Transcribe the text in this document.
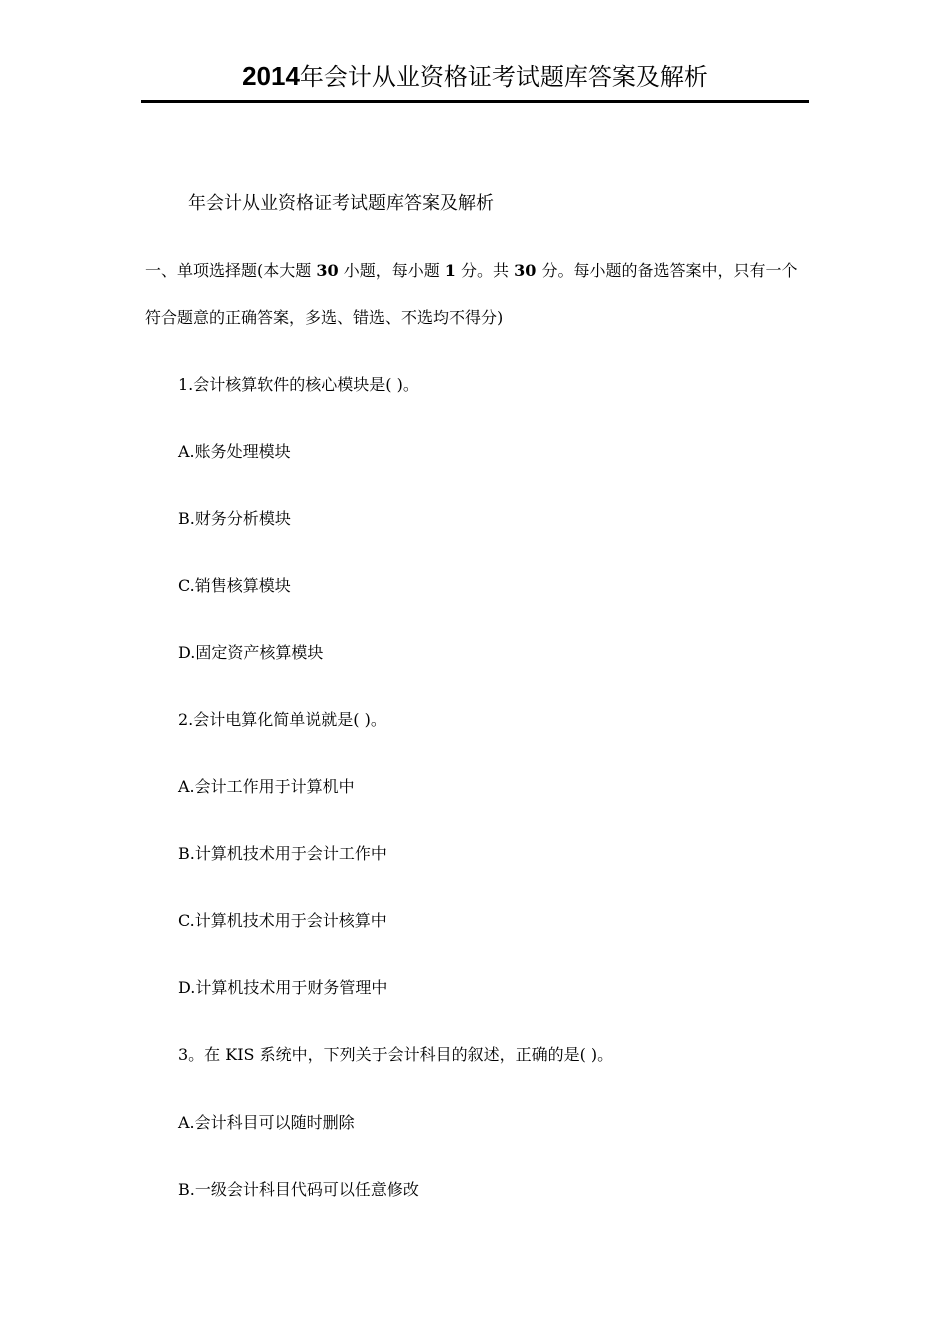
2014年会计从业资格证考试题库答案及解析
年会计从业资格证考试题库答案及解析
一、单项选择题(本大题 30 小题，每小题 1 分。共 30 分。每小题的备选答案中，只有一个
符合题意的正确答案，多选、错选、不选均不得分)
1.会计核算软件的核心模块是( )。
A.账务处理模块
B.财务分析模块
C.销售核算模块
D.固定资产核算模块
2.会计电算化简单说就是( )。
A.会计工作用于计算机中
B.计算机技术用于会计工作中
C.计算机技术用于会计核算中
D.计算机技术用于财务管理中
3。在 KIS 系统中，下列关于会计科目的叙述，正确的是( )。
A.会计科目可以随时删除
B.一级会计科目代码可以任意修改
